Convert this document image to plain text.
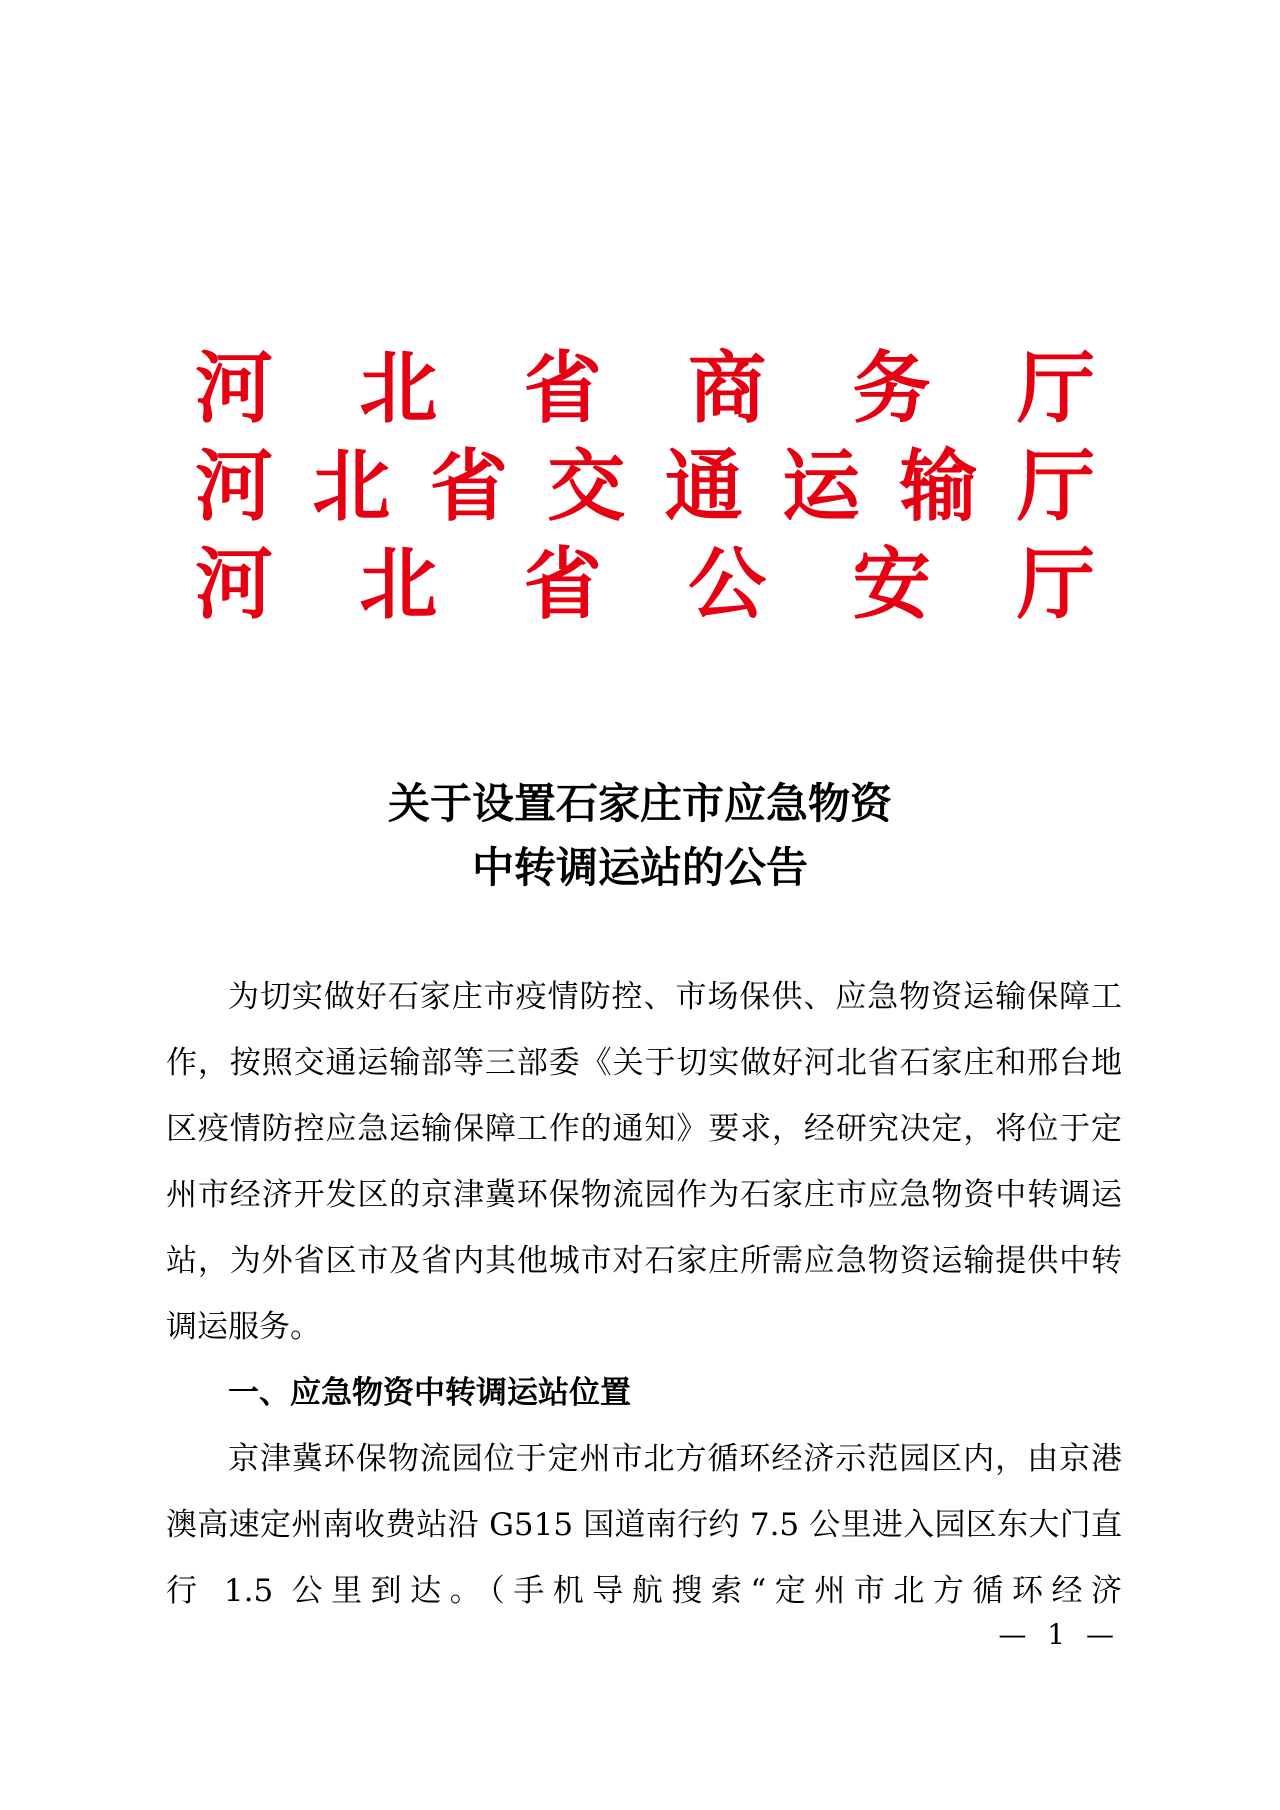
河 北 省 商 务 厅
河 北 省 交 通 运 输 厅
河 北 省 公 安 厅
关于设置石家庄市应急物资
中转调运站的公告

为切实做好石家庄市疫情防控、市场保供、应急物资运输保障工作，按照交通运输部等三部委《关于切实做好河北省石家庄和邢台地区疫情防控应急运输保障工作的通知》要求，经研究决定，将位于定州市经济开发区的京津冀环保物流园作为石家庄市应急物资中转调运站，为外省区市及省内其他城市对石家庄所需应急物资运输提供中转调运服务。

一、应急物资中转调运站位置

京津冀环保物流园位于定州市北方循环经济示范园区内，由京港澳高速定州南收费站沿 G515 国道南行约 7.5 公里进入园区东大门直行 1.5 公里到达。（手机导航搜索“定州市北方循环经济

— 1 —
